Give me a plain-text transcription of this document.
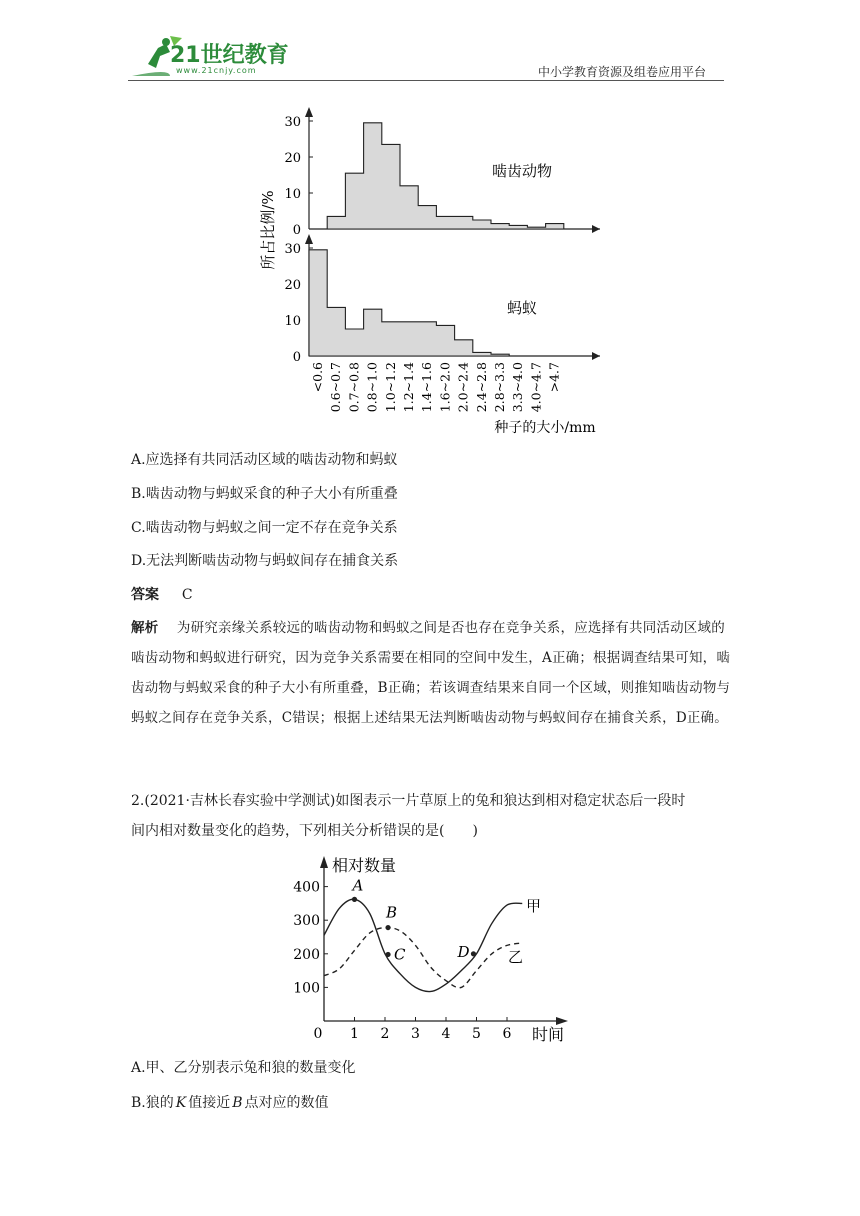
21世纪教育
www.21cnjy.com	中小学教育资源及组卷应用平台
所占比例/%
种子的大小/mm
啮齿动物
蚂蚁
30
20
10
0
30
20
10
0
<0.6 0.6~0.7 0.7~0.8 0.8~1.0 1.0~1.2 1.2~1.4 1.4~1.6 1.6~2.0 2.0~2.4 2.4~2.8 2.8~3.3 3.3~4.0 4.0~4.7 >4.7
A.应选择有共同活动区域的啮齿动物和蚂蚁
B.啮齿动物与蚂蚁采食的种子大小有所重叠
C.啮齿动物与蚂蚁之间一定不存在竞争关系
D.无法判断啮齿动物与蚂蚁间存在捕食关系
答案 C
解析 为研究亲缘关系较远的啮齿动物和蚂蚁之间是否也存在竞争关系，应选择有共同活动区域的啮齿动物和蚂蚁进行研究，因为竞争关系需要在相同的空间中发生，A正确；根据调查结果可知，啮齿动物与蚂蚁采食的种子大小有所重叠，B正确；若该调查结果来自同一个区域，则推知啮齿动物与蚂蚁之间存在竞争关系，C错误；根据上述结果无法判断啮齿动物与蚂蚁间存在捕食关系，D正确。
2.(2021·吉林长春实验中学测试)如图表示一片草原上的兔和狼达到相对稳定状态后一段时
间内相对数量变化的趋势，下列相关分析错误的是(　　)
相对数量
时间
甲
乙
0 1 2 3 4 5 6
400
300
200
100
A
B
C	D
A.甲、乙分别表示兔和狼的数量变化
B.狼的 K 值接近 B 点对应的数值
